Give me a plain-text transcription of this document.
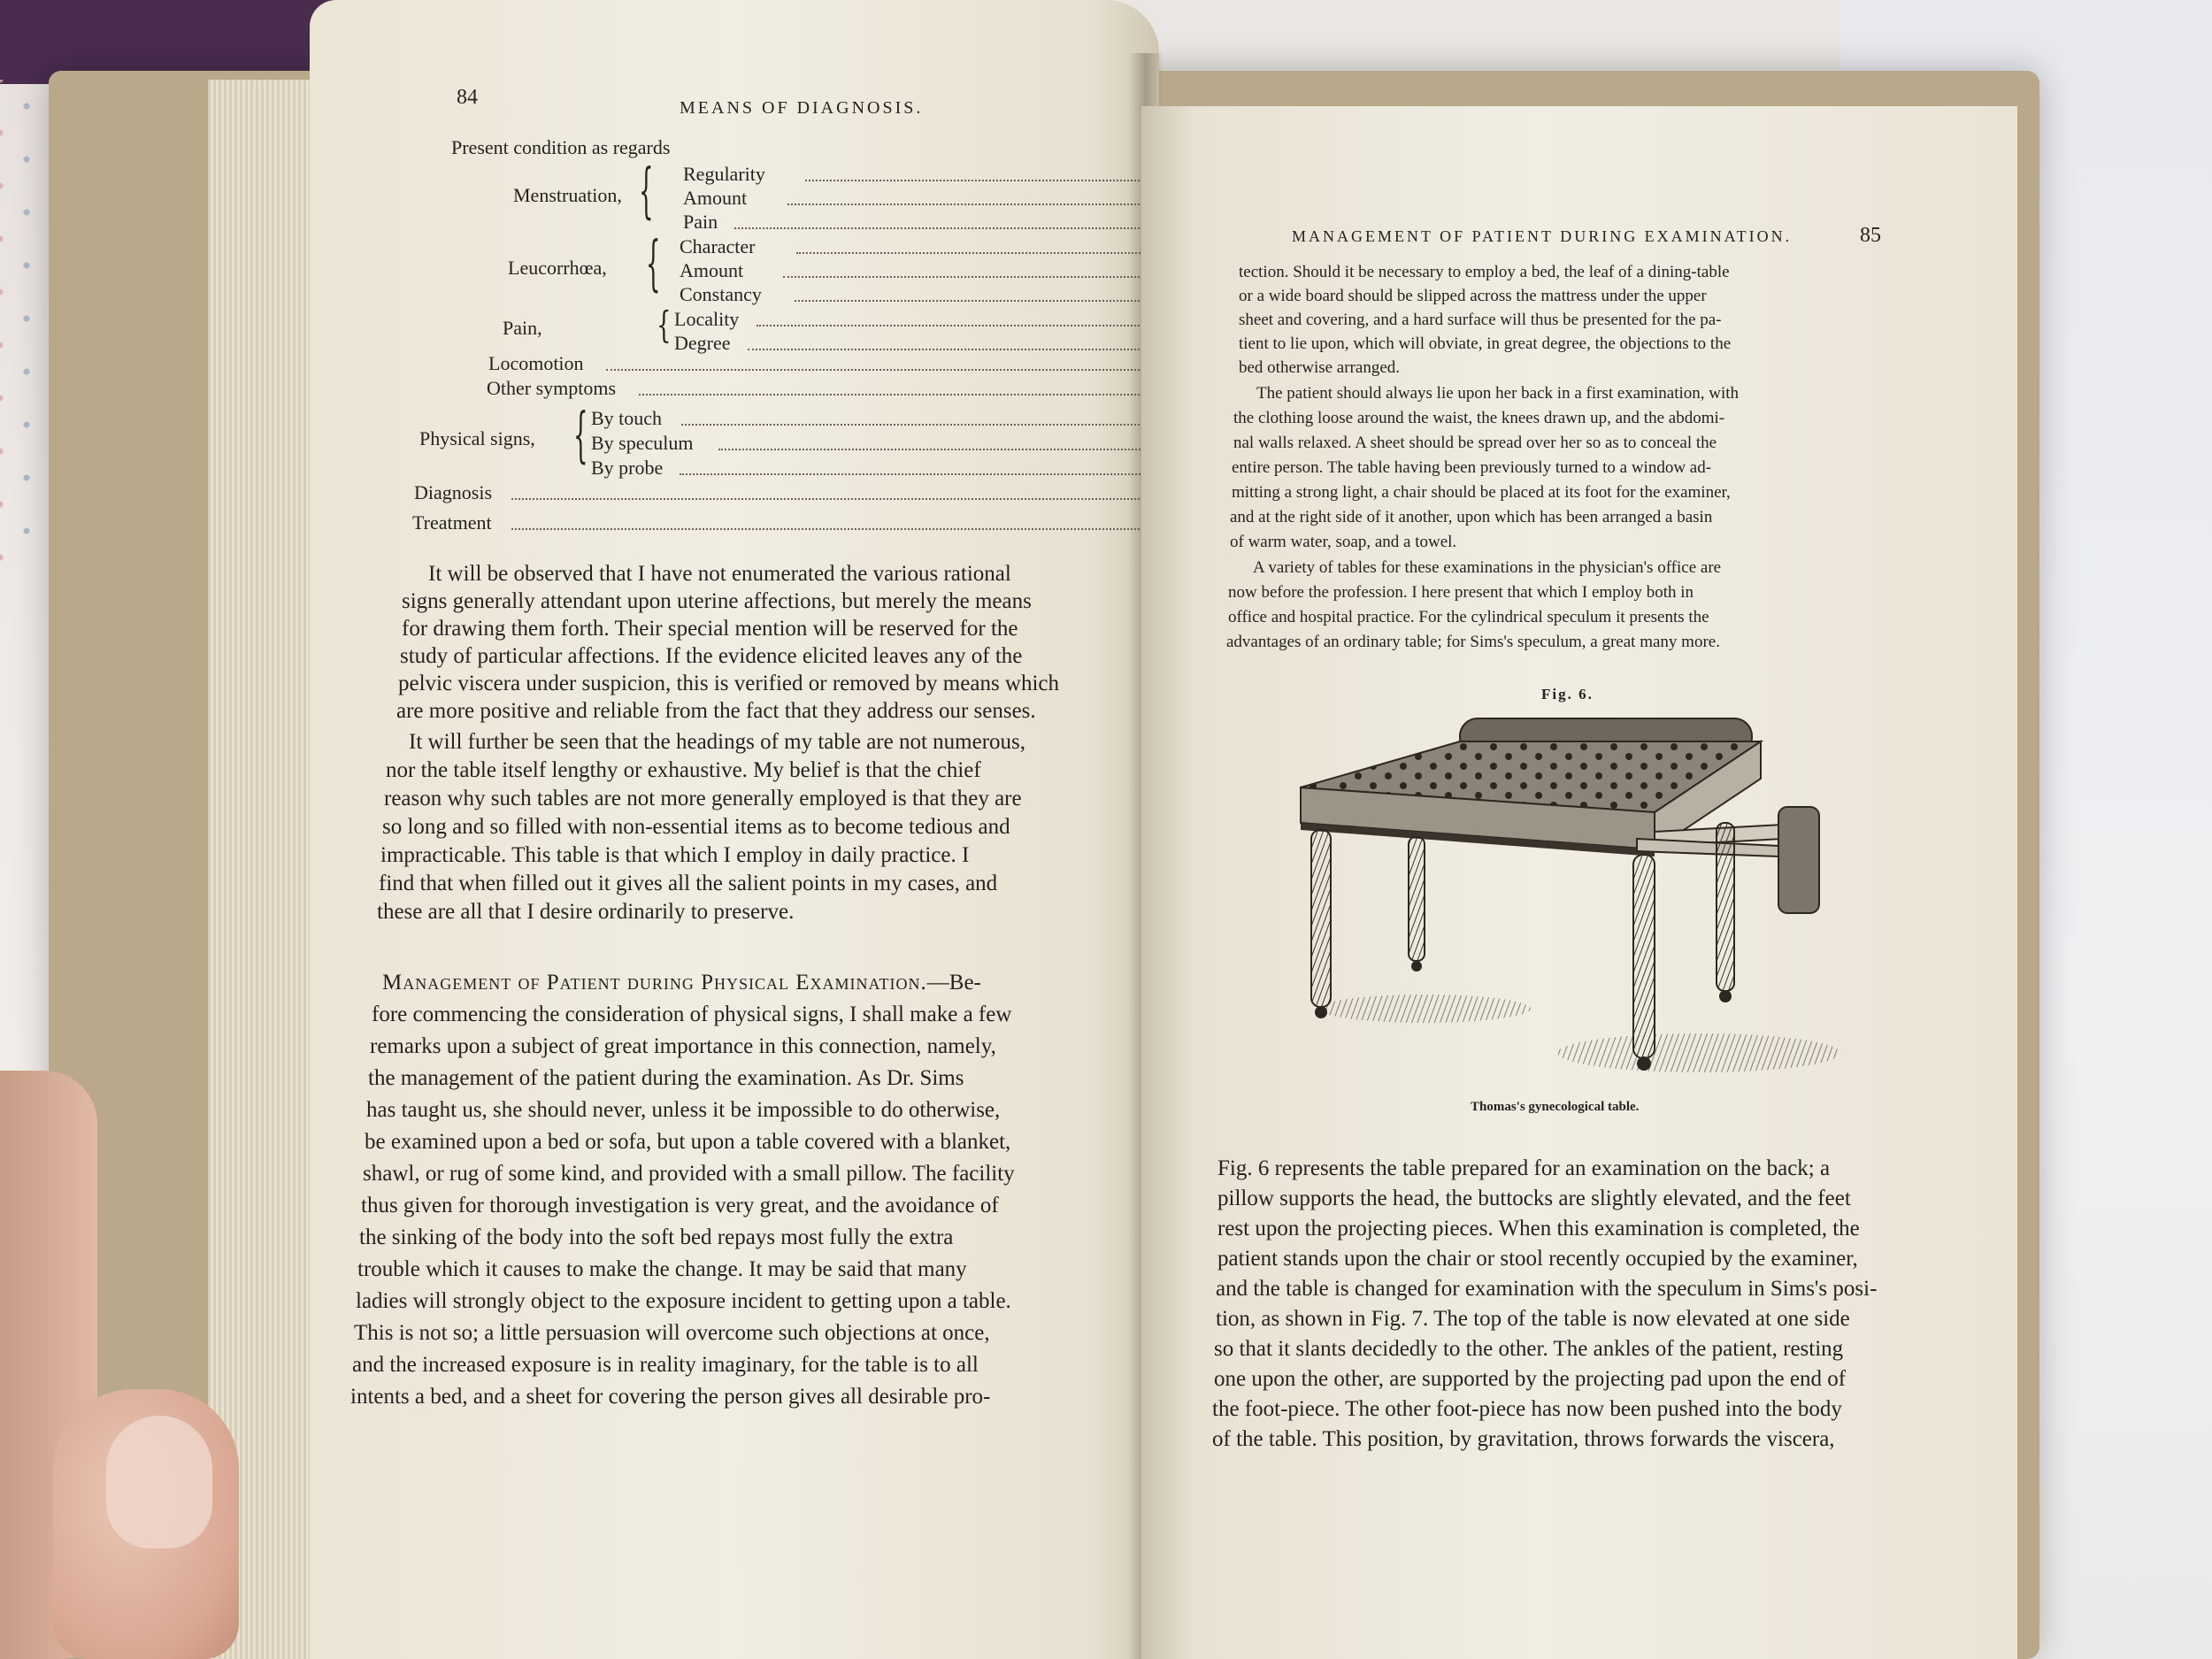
84	MEANS OF DIAGNOSIS.
Present condition as regards
Menstruation, { Regularity
Amount
Pain
Leucorrhœa, { Character
Amount
Constancy
Pain,	{ Locality
Degree
Locomotion
Other symptoms
Physical signs, { By touch
By speculum
By probe
Diagnosis
Treatment
It will be observed that I have not enumerated the various rational
signs generally attendant upon uterine affections, but merely the means
for drawing them forth. Their special mention will be reserved for the
study of particular affections. If the evidence elicited leaves any of the
pelvic viscera under suspicion, this is verified or removed by means which
are more positive and reliable from the fact that they address our senses.
It will further be seen that the headings of my table are not numerous,
nor the table itself lengthy or exhaustive. My belief is that the chief
reason why such tables are not more generally employed is that they are
so long and so filled with non-essential items as to become tedious and
impracticable. This table is that which I employ in daily practice. I
find that when filled out it gives all the salient points in my cases, and
these are all that I desire ordinarily to preserve.
Management of Patient during Physical Examination.—Be-
fore commencing the consideration of physical signs, I shall make a few
remarks upon a subject of great importance in this connection, namely,
the management of the patient during the examination. As Dr. Sims
has taught us, she should never, unless it be impossible to do otherwise,
be examined upon a bed or sofa, but upon a table covered with a blanket,
shawl, or rug of some kind, and provided with a small pillow. The facility
thus given for thorough investigation is very great, and the avoidance of
the sinking of the body into the soft bed repays most fully the extra
trouble which it causes to make the change. It may be said that many
ladies will strongly object to the exposure incident to getting upon a table.
This is not so; a little persuasion will overcome such objections at once,
and the increased exposure is in reality imaginary, for the table is to all
intents a bed, and a sheet for covering the person gives all desirable pro-
MANAGEMENT OF PATIENT DURING EXAMINATION.	85
tection. Should it be necessary to employ a bed, the leaf of a dining-table
or a wide board should be slipped across the mattress under the upper
sheet and covering, and a hard surface will thus be presented for the pa-
tient to lie upon, which will obviate, in great degree, the objections to the
bed otherwise arranged.
The patient should always lie upon her back in a first examination, with
the clothing loose around the waist, the knees drawn up, and the abdomi-
nal walls relaxed. A sheet should be spread over her so as to conceal the
entire person. The table having been previously turned to a window ad-
mitting a strong light, a chair should be placed at its foot for the examiner,
and at the right side of it another, upon which has been arranged a basin
of warm water, soap, and a towel.
A variety of tables for these examinations in the physician's office are
now before the profession. I here present that which I employ both in
office and hospital practice. For the cylindrical speculum it presents the
advantages of an ordinary table; for Sims's speculum, a great many more.
Fig. 6.
Thomas's gynecological table.
Fig. 6 represents the table prepared for an examination on the back; a
pillow supports the head, the buttocks are slightly elevated, and the feet
rest upon the projecting pieces. When this examination is completed, the
patient stands upon the chair or stool recently occupied by the examiner,
and the table is changed for examination with the speculum in Sims's posi-
tion, as shown in Fig. 7. The top of the table is now elevated at one side
so that it slants decidedly to the other. The ankles of the patient, resting
one upon the other, are supported by the projecting pad upon the end of
the foot-piece. The other foot-piece has now been pushed into the body
of the table. This position, by gravitation, throws forwards the viscera,
